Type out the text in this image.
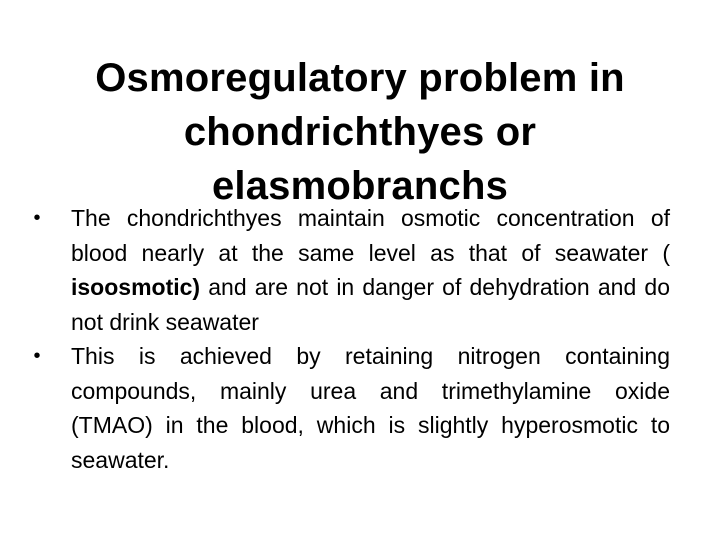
Osmoregulatory problem in
chondrichthyes or
elasmobranchs
• The chondrichthyes maintain osmotic concentration of blood nearly at the same level as that of seawater ( isoosmotic) and are not in danger of dehydration and do not drink seawater
• This is achieved by retaining nitrogen containing compounds, mainly urea and trimethylamine oxide (TMAO) in the blood, which is slightly hyperosmotic to seawater.
